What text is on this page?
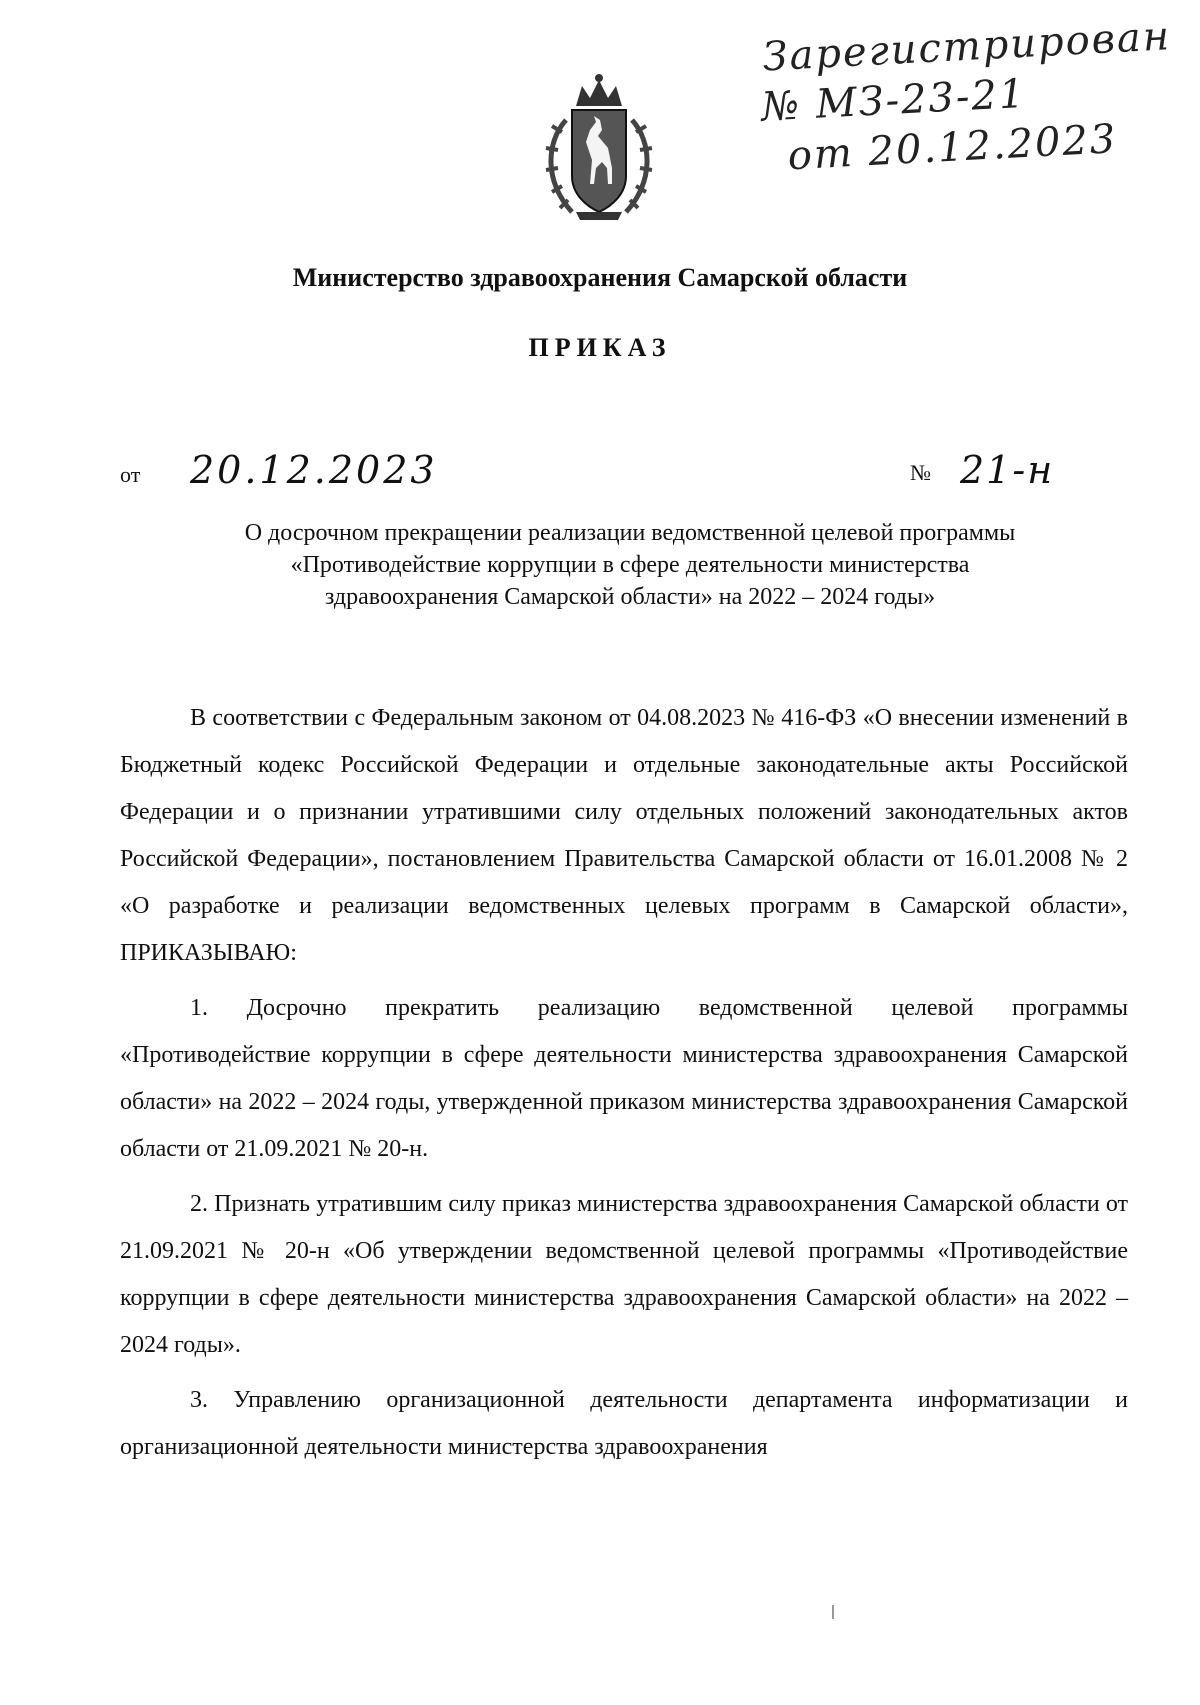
Зарегистрирован
№ МЗ-23-21
от 20.12.2023
Министерство здравоохранения Самарской области
ПРИКАЗ
от 20.12.2023	№ 21-н
О досрочном прекращении реализации ведомственной целевой программы
«Противодействие коррупции в сфере деятельности министерства
здравоохранения Самарской области» на 2022 – 2024 годы»

В соответствии с Федеральным законом от 04.08.2023 № 416-ФЗ «О внесении изменений в Бюджетный кодекс Российской Федерации и отдельные законодательные акты Российской Федерации и о признании утратившими силу отдельных положений законодательных актов Российской Федерации», постановлением Правительства Самарской области от 16.01.2008 № 2 «О разработке и реализации ведомственных целевых программ в Самарской области», ПРИКАЗЫВАЮ:

1. Досрочно прекратить реализацию ведомственной целевой программы «Противодействие коррупции в сфере деятельности министерства здравоохранения Самарской области» на 2022 – 2024 годы, утвержденной приказом министерства здравоохранения Самарской области от 21.09.2021 № 20-н.

2. Признать утратившим силу приказ министерства здравоохранения Самарской области от 21.09.2021 № 20-н «Об утверждении ведомственной целевой программы «Противодействие коррупции в сфере деятельности министерства здравоохранения Самарской области» на 2022 – 2024 годы».

3. Управлению организационной деятельности департамента информатизации и организационной деятельности министерства здравоохранения
